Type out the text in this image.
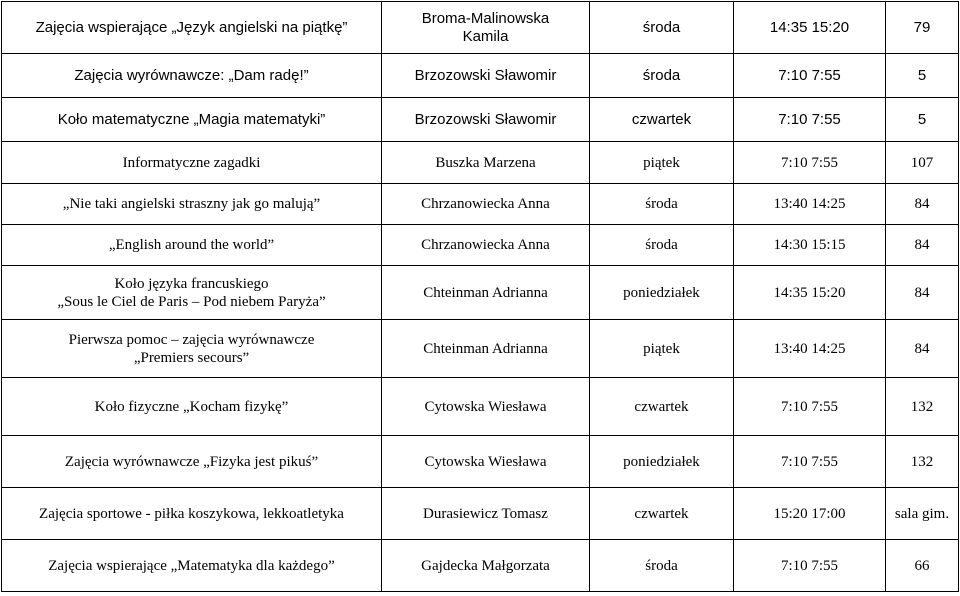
Zajęcia wspierające „Język angielski na piątkę”	Broma-Malinowska
Kamila	środa	14:35 15:20	79

Zajęcia wyrównawcze: „Dam radę!”	Brzozowski Sławomir	środa	7:10 7:55	5

Koło matematyczne „Magia matematyki”	Brzozowski Sławomir	czwartek	7:10 7:55	5

Informatyczne zagadki	Buszka Marzena	piątek	7:10 7:55	107

„Nie taki angielski straszny jak go malują”	Chrzanowiecka Anna	środa	13:40 14:25	84

„English around the world”	Chrzanowiecka Anna	środa	14:30 15:15	84

Koło języka francuskiego
„Sous le Ciel de Paris – Pod niebem Paryża”	Chteinman Adrianna	poniedziałek	14:35 15:20	84

Pierwsza pomoc – zajęcia wyrównawcze
„Premiers secours”	Chteinman Adrianna	piątek	13:40 14:25	84

Koło fizyczne „Kocham fizykę”	Cytowska Wiesława	czwartek	7:10 7:55	132

Zajęcia wyrównawcze „Fizyka jest pikuś”	Cytowska Wiesława	poniedziałek	7:10 7:55	132

Zajęcia sportowe - piłka koszykowa, lekkoatletyka	Durasiewicz Tomasz	czwartek	15:20 17:00	sala gim.

Zajęcia wspierające „Matematyka dla każdego”	Gajdecka Małgorzata	środa	7:10 7:55	66
